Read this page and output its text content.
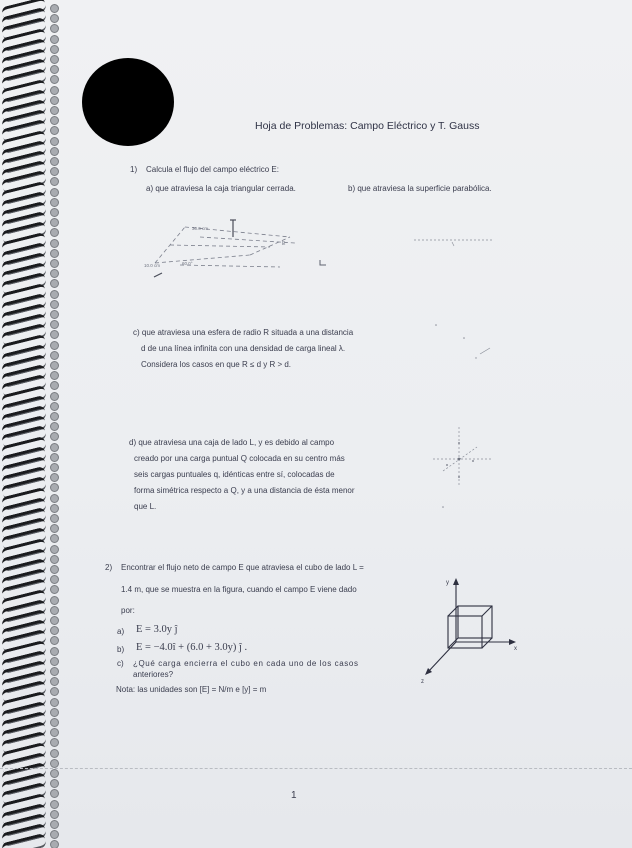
Hoja de Problemas: Campo Eléctrico y T. Gauss
1) Calcula el flujo del campo eléctrico E:
a) que atraviesa la caja triangular cerrada.	b) que atraviesa la superficie parabólica.
30.0 cm
10.0 cm	60.0°
E
c) que atraviesa una esfera de radio R situada a una distancia
d de una línea infinita con una densidad de carga lineal λ.
Considera los casos en que R ≤ d y R > d.
d) que atraviesa una caja de lado L, y es debido al campo
creado por una carga puntual Q colocada en su centro más
seis cargas puntuales q, idénticas entre sí, colocadas de
forma simétrica respecto a Q, y a una distancia de ésta menor
que L.
2) Encontrar el flujo neto de campo E que atraviesa el cubo de lado L =
1.4 m, que se muestra en la figura, cuando el campo E viene dado
por:
a) E = 3.0y ĵ
b) E = −4.0î + (6.0 + 3.0y) ĵ .
c) ¿Qué carga encierra el cubo en cada uno de los casos
anteriores?
Nota: las unidades son [E] = N/m e [y] = m
y
x
z
1
